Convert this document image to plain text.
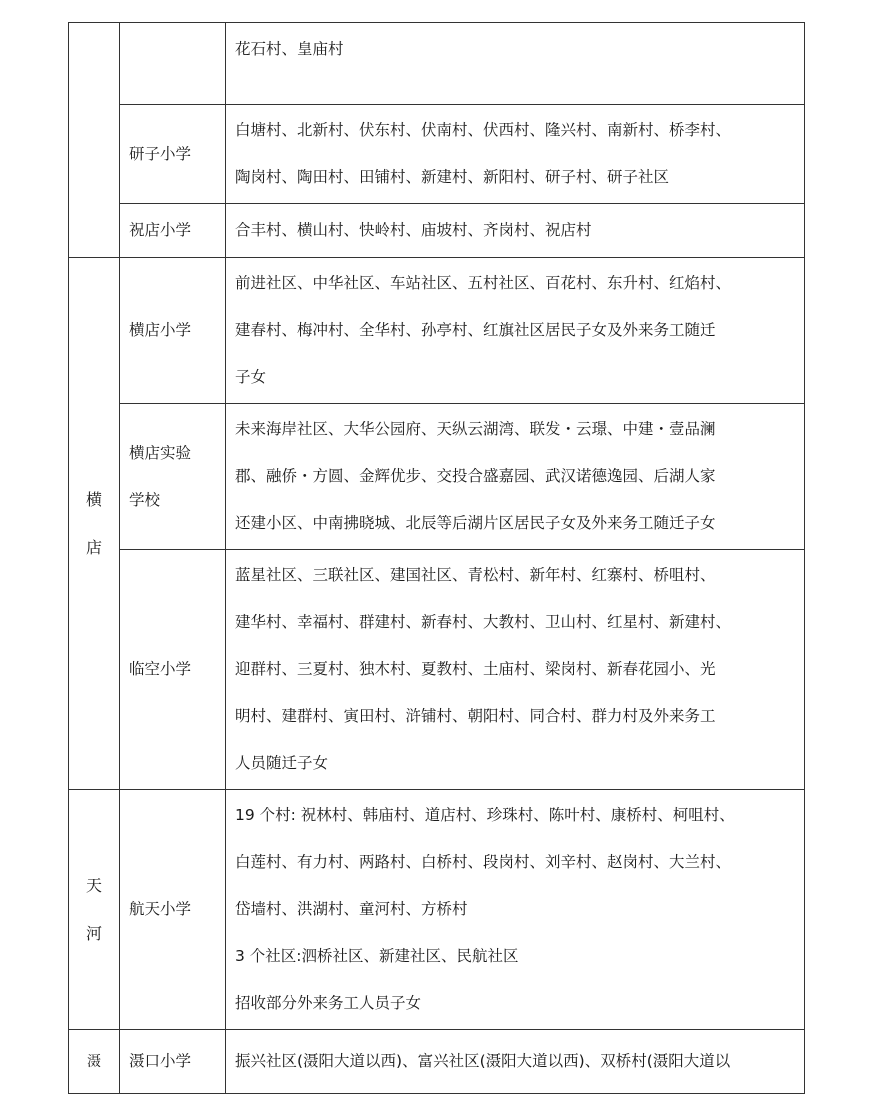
		花石村、皇庙村

	研子小学	白塘村、北新村、伏东村、伏南村、伏西村、隆兴村、南新村、桥李村、
陶岗村、陶田村、田铺村、新建村、新阳村、研子村、研子社区

	祝店小学	合丰村、横山村、快岭村、庙坡村、齐岗村、祝店村

横店	横店小学	前进社区、中华社区、车站社区、五村社区、百花村、东升村、红焰村、
建春村、梅冲村、全华村、孙亭村、红旗社区居民子女及外来务工随迁
子女

	横店实验学校	未来海岸社区、大华公园府、天纵云湖湾、联发・云璟、中建・壹品澜
郡、融侨・方圆、金辉优步、交投合盛嘉园、武汉诺德逸园、后湖人家
还建小区、中南拂晓城、北辰等后湖片区居民子女及外来务工随迁子女

	临空小学	蓝星社区、三联社区、建国社区、青松村、新年村、红寨村、桥咀村、
建华村、幸福村、群建村、新春村、大教村、卫山村、红星村、新建村、
迎群村、三夏村、独木村、夏教村、土庙村、梁岗村、新春花园小、光
明村、建群村、寅田村、浒铺村、朝阳村、同合村、群力村及外来务工
人员随迁子女

天河	航天小学	19 个村: 祝林村、韩庙村、道店村、珍珠村、陈叶村、康桥村、柯咀村、
白莲村、有力村、两路村、白桥村、段岗村、刘辛村、赵岗村、大兰村、
岱墙村、洪湖村、童河村、方桥村
3 个社区:泗桥社区、新建社区、民航社区
招收部分外来务工人员子女

滠	滠口小学	振兴社区(滠阳大道以西)、富兴社区(滠阳大道以西)、双桥村(滠阳大道以
